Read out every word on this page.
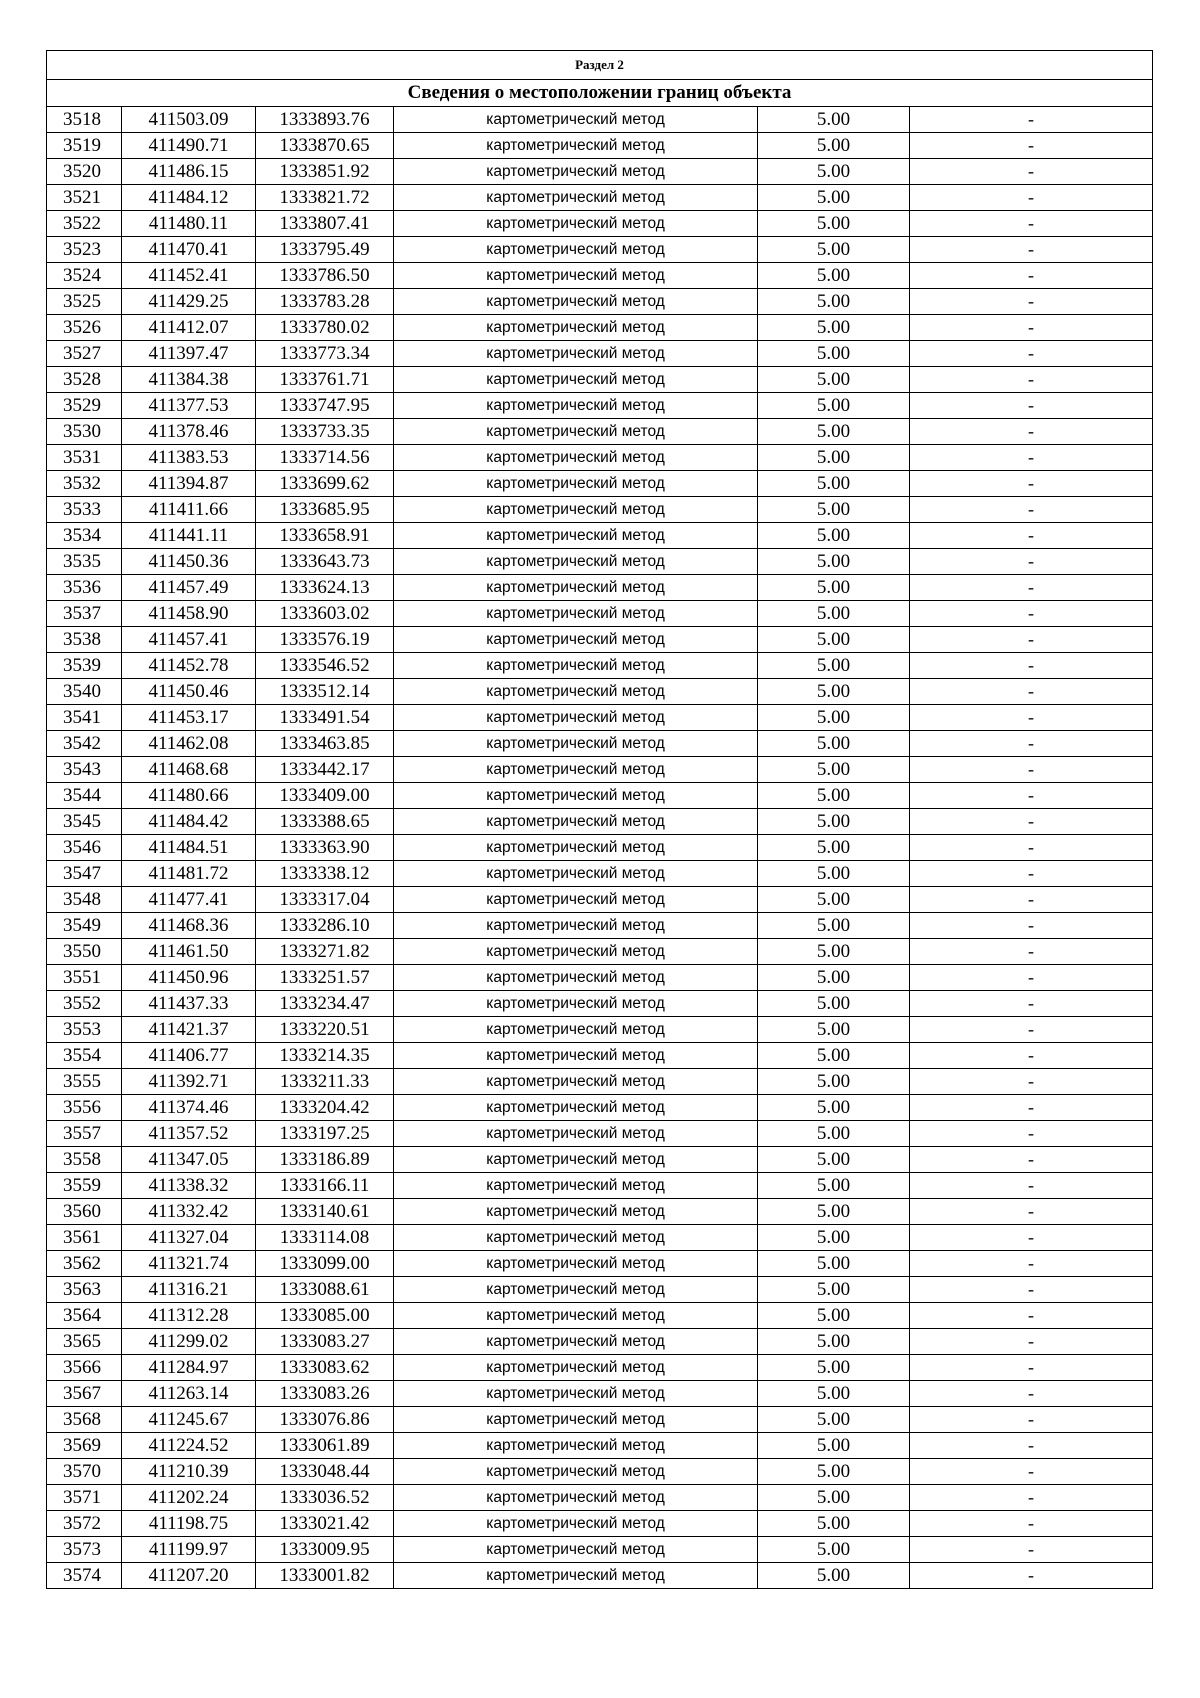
Раздел 2					
Сведения о местоположении границ объекта					
3518	411503.09	1333893.76	картометрический метод	5.00	-
3519	411490.71	1333870.65	картометрический метод	5.00	-
3520	411486.15	1333851.92	картометрический метод	5.00	-
3521	411484.12	1333821.72	картометрический метод	5.00	-
3522	411480.11	1333807.41	картометрический метод	5.00	-
3523	411470.41	1333795.49	картометрический метод	5.00	-
3524	411452.41	1333786.50	картометрический метод	5.00	-
3525	411429.25	1333783.28	картометрический метод	5.00	-
3526	411412.07	1333780.02	картометрический метод	5.00	-
3527	411397.47	1333773.34	картометрический метод	5.00	-
3528	411384.38	1333761.71	картометрический метод	5.00	-
3529	411377.53	1333747.95	картометрический метод	5.00	-
3530	411378.46	1333733.35	картометрический метод	5.00	-
3531	411383.53	1333714.56	картометрический метод	5.00	-
3532	411394.87	1333699.62	картометрический метод	5.00	-
3533	411411.66	1333685.95	картометрический метод	5.00	-
3534	411441.11	1333658.91	картометрический метод	5.00	-
3535	411450.36	1333643.73	картометрический метод	5.00	-
3536	411457.49	1333624.13	картометрический метод	5.00	-
3537	411458.90	1333603.02	картометрический метод	5.00	-
3538	411457.41	1333576.19	картометрический метод	5.00	-
3539	411452.78	1333546.52	картометрический метод	5.00	-
3540	411450.46	1333512.14	картометрический метод	5.00	-
3541	411453.17	1333491.54	картометрический метод	5.00	-
3542	411462.08	1333463.85	картометрический метод	5.00	-
3543	411468.68	1333442.17	картометрический метод	5.00	-
3544	411480.66	1333409.00	картометрический метод	5.00	-
3545	411484.42	1333388.65	картометрический метод	5.00	-
3546	411484.51	1333363.90	картометрический метод	5.00	-
3547	411481.72	1333338.12	картометрический метод	5.00	-
3548	411477.41	1333317.04	картометрический метод	5.00	-
3549	411468.36	1333286.10	картометрический метод	5.00	-
3550	411461.50	1333271.82	картометрический метод	5.00	-
3551	411450.96	1333251.57	картометрический метод	5.00	-
3552	411437.33	1333234.47	картометрический метод	5.00	-
3553	411421.37	1333220.51	картометрический метод	5.00	-
3554	411406.77	1333214.35	картометрический метод	5.00	-
3555	411392.71	1333211.33	картометрический метод	5.00	-
3556	411374.46	1333204.42	картометрический метод	5.00	-
3557	411357.52	1333197.25	картометрический метод	5.00	-
3558	411347.05	1333186.89	картометрический метод	5.00	-
3559	411338.32	1333166.11	картометрический метод	5.00	-
3560	411332.42	1333140.61	картометрический метод	5.00	-
3561	411327.04	1333114.08	картометрический метод	5.00	-
3562	411321.74	1333099.00	картометрический метод	5.00	-
3563	411316.21	1333088.61	картометрический метод	5.00	-
3564	411312.28	1333085.00	картометрический метод	5.00	-
3565	411299.02	1333083.27	картометрический метод	5.00	-
3566	411284.97	1333083.62	картометрический метод	5.00	-
3567	411263.14	1333083.26	картометрический метод	5.00	-
3568	411245.67	1333076.86	картометрический метод	5.00	-
3569	411224.52	1333061.89	картометрический метод	5.00	-
3570	411210.39	1333048.44	картометрический метод	5.00	-
3571	411202.24	1333036.52	картометрический метод	5.00	-
3572	411198.75	1333021.42	картометрический метод	5.00	-
3573	411199.97	1333009.95	картометрический метод	5.00	-
3574	411207.20	1333001.82	картометрический метод	5.00	-
